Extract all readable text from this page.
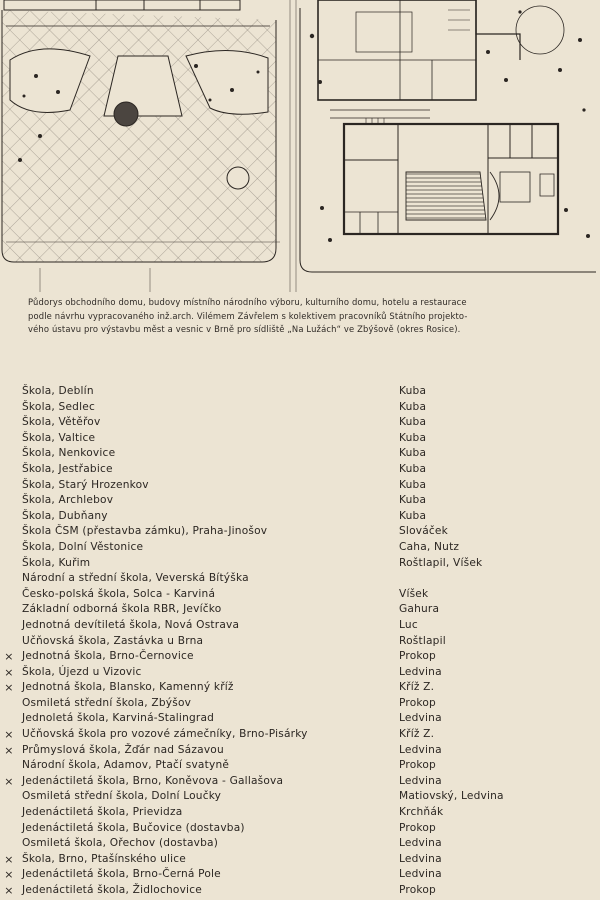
Půdorys obchodního domu, budovy místního národního výboru, kulturního domu, hotelu a restaurace
podle návrhu vypracovaného inž.arch. Vilémem Závřelem s kolektivem pracovníků Státního projekto-
vého ústavu pro výstavbu měst a vesnic v Brně pro sídliště „Na Lužách“ ve Zbýšově (okres Rosice).
Škola, Deblín	Kuba
Škola, Sedlec	Kuba
Škola, Větěřov	Kuba
Škola, Valtice	Kuba
Škola, Nenkovice	Kuba
Škola, Jestřabice	Kuba
Škola, Starý Hrozenkov	Kuba
Škola, Archlebov	Kuba
Škola, Dubňany	Kuba
Škola ČSM (přestavba zámku), Praha-Jinošov	Slováček
Škola, Dolní Věstonice	Caha, Nutz
Škola, Kuřim	Roštlapil, Víšek
Národní a střední škola, Veverská Bítýška
Česko-polská škola, Solca - Karviná	Víšek
Základní odborná škola RBR, Jevíčko	Gahura
Jednotná devítiletá škola, Nová Ostrava	Luc
Učňovská škola, Zastávka u Brna	Roštlapil
× Jednotná škola, Brno-Černovice	Prokop
× Škola, Újezd u Vizovic	Ledvina
× Jednotná škola, Blansko, Kamenný kříž	Kříž Z.
Osmiletá střední škola, Zbýšov	Prokop
Jednoletá škola, Karviná-Stalingrad	Ledvina
× Učňovská škola pro vozové zámečníky, Brno-Pisárky	Kříž Z.
× Průmyslová škola, Žďár nad Sázavou	Ledvina
Národní škola, Adamov, Ptačí svatyně	Prokop
× Jedenáctiletá škola, Brno, Koněvova - Gallašova	Ledvina
Osmiletá střední škola, Dolní Loučky	Matiovský, Ledvina
Jedenáctiletá škola, Prievidza	Krchňák
Jedenáctiletá škola, Bučovice (dostavba)	Prokop
Osmiletá škola, Ořechov (dostavba)	Ledvina
× Škola, Brno, Ptašínského ulice	Ledvina
× Jedenáctiletá škola, Brno-Černá Pole	Ledvina
× Jedenáctiletá škola, Židlochovice	Prokop
